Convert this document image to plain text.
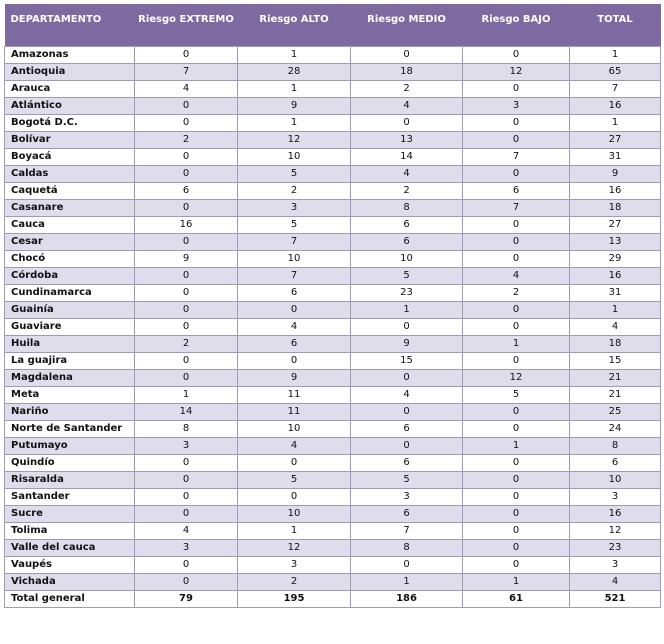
DEPARTAMENTO	Riesgo EXTREMO	Riesgo ALTO	Riesgo MEDIO	Riesgo BAJO	TOTAL
Amazonas	0	1	0	0	1
Antioquia	7	28	18	12	65
Arauca	4	1	2	0	7
Atlántico	0	9	4	3	16
Bogotá D.C.	0	1	0	0	1
Bolívar	2	12	13	0	27
Boyacá	0	10	14	7	31
Caldas	0	5	4	0	9
Caquetá	6	2	2	6	16
Casanare	0	3	8	7	18
Cauca	16	5	6	0	27
Cesar	0	7	6	0	13
Chocó	9	10	10	0	29
Córdoba	0	7	5	4	16
Cundinamarca	0	6	23	2	31
Guainía	0	0	1	0	1
Guaviare	0	4	0	0	4
Huila	2	6	9	1	18
La guajira	0	0	15	0	15
Magdalena	0	9	0	12	21
Meta	1	11	4	5	21
Nariño	14	11	0	0	25
Norte de Santander	8	10	6	0	24
Putumayo	3	4	0	1	8
Quindío	0	0	6	0	6
Risaralda	0	5	5	0	10
Santander	0	0	3	0	3
Sucre	0	10	6	0	16
Tolima	4	1	7	0	12
Valle del cauca	3	12	8	0	23
Vaupés	0	3	0	0	3
Vichada	0	2	1	1	4
Total general	79	195	186	61	521
